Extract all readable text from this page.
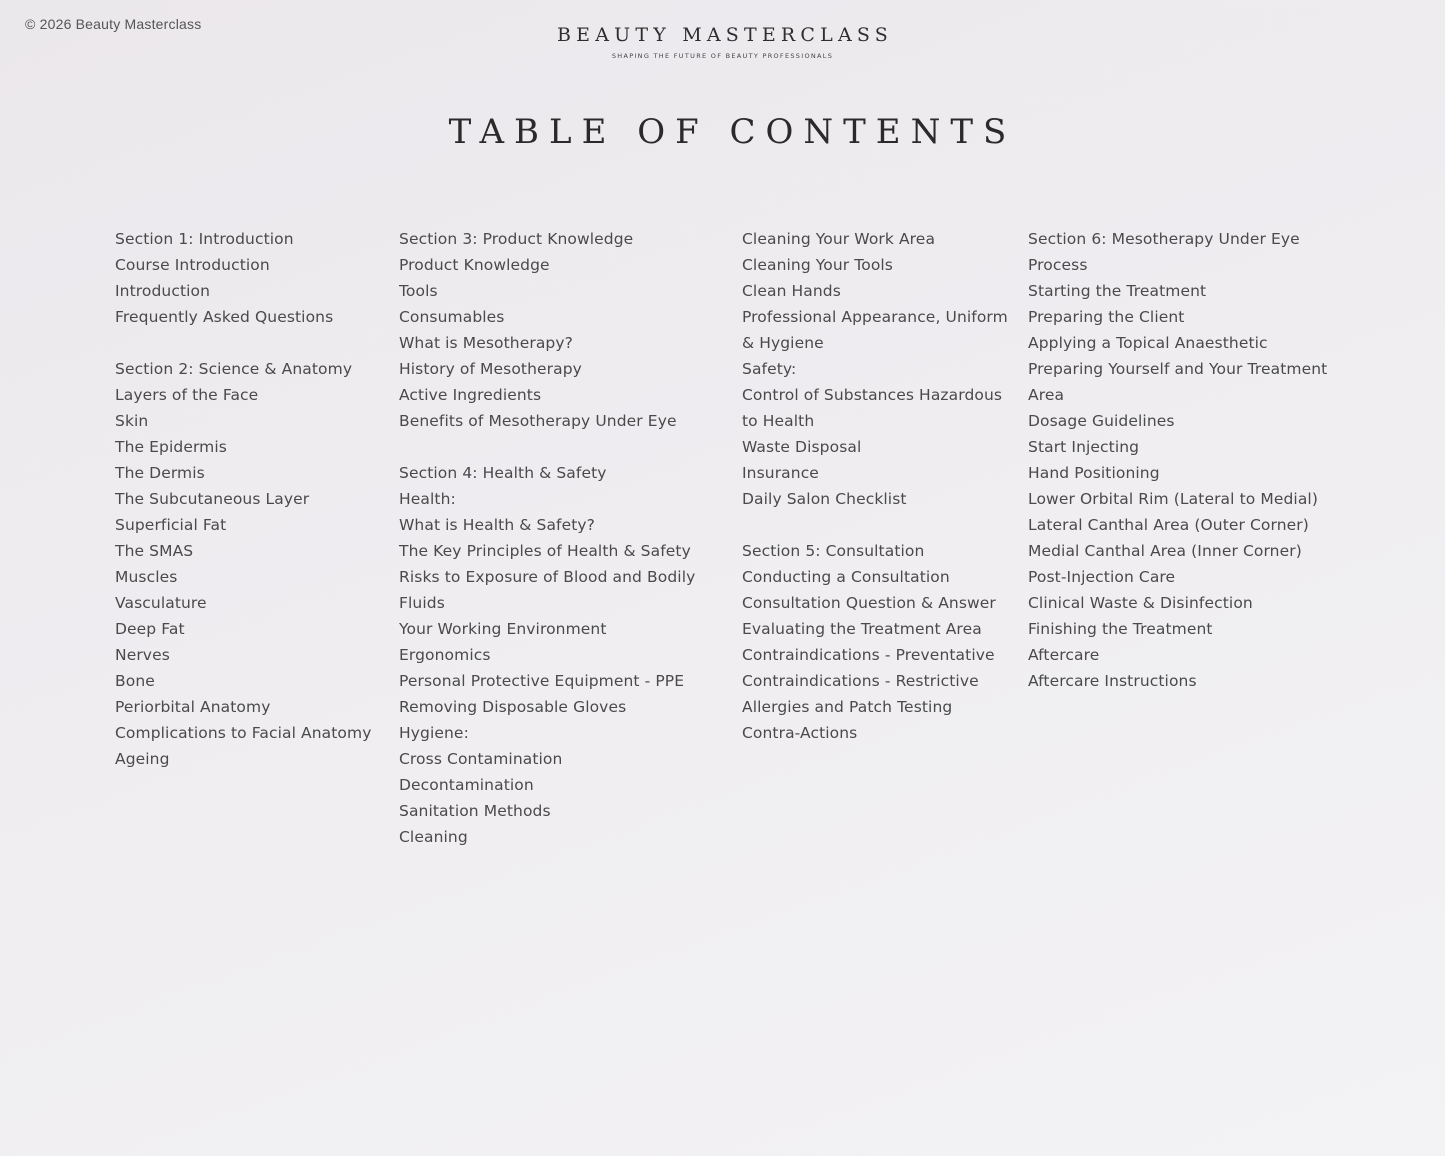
© 2026 Beauty Masterclass	BEAUTY MASTERCLASS
SHAPING THE FUTURE OF BEAUTY PROFESSIONALS
TABLE OF CONTENTS
Section 1: Introduction
Course Introduction
Introduction
Frequently Asked Questions
Section 2: Science & Anatomy
Layers of the Face
Skin
The Epidermis
The Dermis
The Subcutaneous Layer
Superficial Fat
The SMAS
Muscles
Vasculature
Deep Fat
Nerves
Bone
Periorbital Anatomy
Complications to Facial Anatomy
Ageing
Section 3: Product Knowledge
Product Knowledge
Tools
Consumables
What is Mesotherapy?
History of Mesotherapy
Active Ingredients
Benefits of Mesotherapy Under Eye
Section 4: Health & Safety
Health:
What is Health & Safety?
The Key Principles of Health & Safety
Risks to Exposure of Blood and Bodily Fluids
Your Working Environment
Ergonomics
Personal Protective Equipment - PPE
Removing Disposable Gloves
Hygiene:
Cross Contamination
Decontamination
Sanitation Methods
Cleaning
Cleaning Your Work Area
Cleaning Your Tools
Clean Hands
Professional Appearance, Uniform & Hygiene
Safety:
Control of Substances Hazardous to Health
Waste Disposal
Insurance
Daily Salon Checklist
Section 5: Consultation
Conducting a Consultation
Consultation Question & Answer
Evaluating the Treatment Area
Contraindications - Preventative
Contraindications - Restrictive
Allergies and Patch Testing
Contra-Actions
Section 6: Mesotherapy Under Eye Process
Starting the Treatment
Preparing the Client
Applying a Topical Anaesthetic
Preparing Yourself and Your Treatment Area
Dosage Guidelines
Start Injecting
Hand Positioning
Lower Orbital Rim (Lateral to Medial)
Lateral Canthal Area (Outer Corner)
Medial Canthal Area (Inner Corner)
Post-Injection Care
Clinical Waste & Disinfection
Finishing the Treatment
Aftercare
Aftercare Instructions
